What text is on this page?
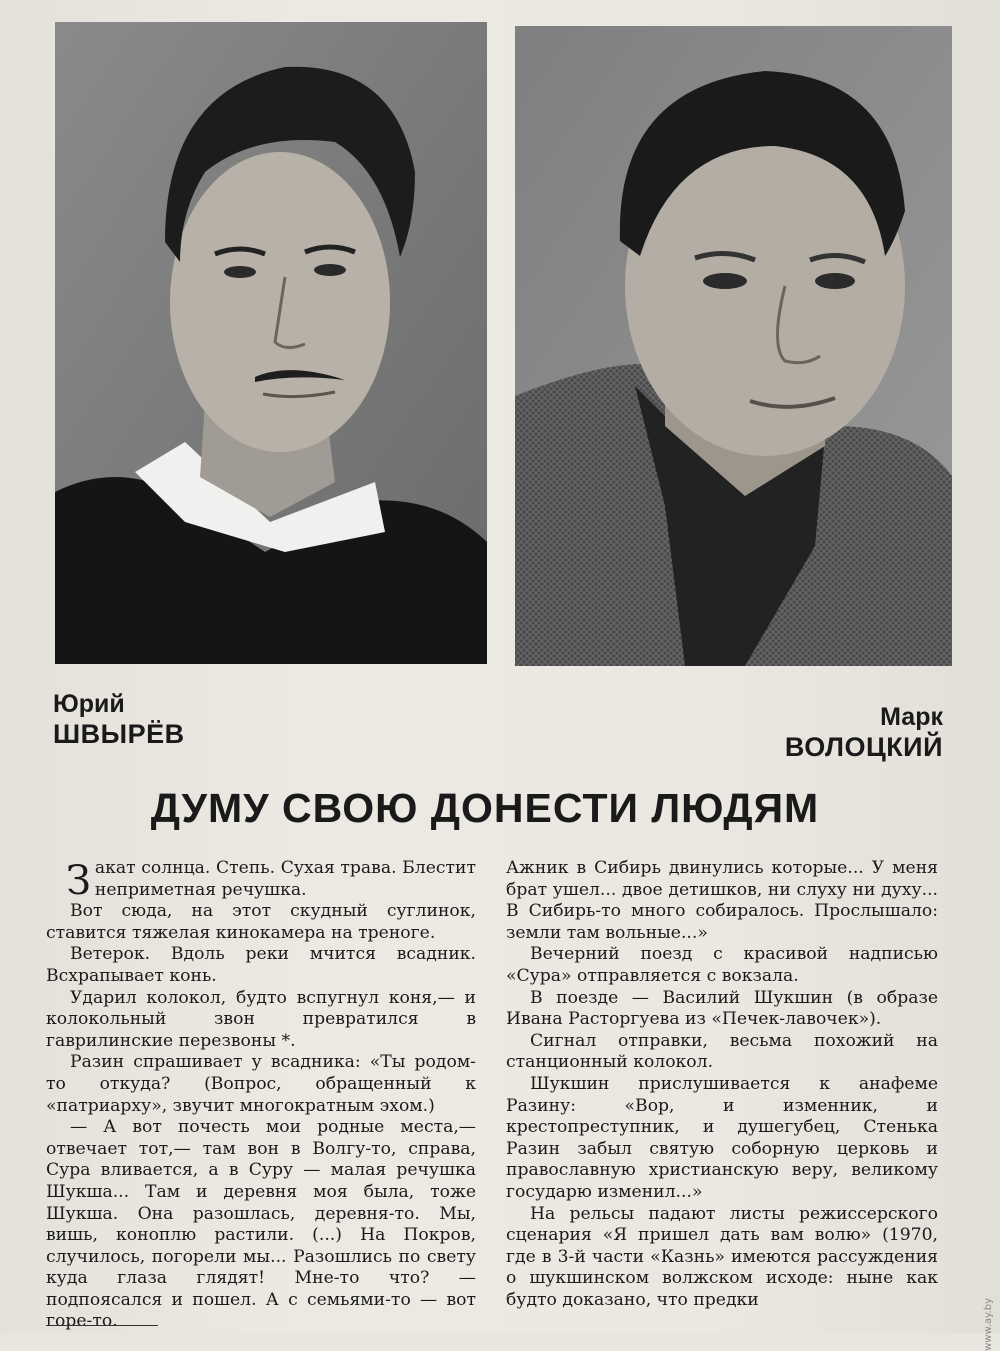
Юрий
ШВЫРЁВ
Марк
ВОЛОЦКИЙ
ДУМУ СВОЮ ДОНЕСТИ ЛЮДЯМ

Закат солнца. Степь. Сухая трава. Блестит неприметная речушка.

Вот сюда, на этот скудный суглинок, ставится тяжелая кинокамера на треноге.

Ветерок. Вдоль реки мчится всадник. Всхрапывает конь.

Ударил колокол, будто вспугнул коня,— и колокольный звон превратился в гаврилинские перезвоны *.

Разин спрашивает у всадника: «Ты родом-то откуда? (Вопрос, обращенный к «патриарху», звучит многократным эхом.)

— А вот почесть мои родные места,— отвечает тот,— там вон в Волгу-то, справа, Сура вливается, а в Суру — малая речушка Шукша... Там и деревня моя была, тоже Шукша. Она разошлась, деревня-то. Мы, вишь, коноплю растили. (...) На Покров, случилось, погорели мы... Разошлись по свету куда глаза глядят! Мне-то что? — подпоясался и пошел. А с семьями-то — вот горе-то.

Ажник в Сибирь двинулись которые... У меня брат ушел... двое детишков, ни слуху ни духу... В Сибирь-то много собиралось. Прослышало: земли там вольные...»

Вечерний поезд с красивой надписью «Сура» отправляется с вокзала.

В поезде — Василий Шукшин (в образе Ивана Расторгуева из «Печек-лавочек»).

Сигнал отправки, весьма похожий на станционный колокол.

Шукшин прислушивается к анафеме Разину: «Вор, и изменник, и крестопреступник, и душегубец, Стенька Разин забыл святую соборную церковь и православную христианскую веру, великому государю изменил...»

На рельсы падают листы режиссерского сценария «Я пришел дать вам волю» (1970, где в 3-й части «Казнь» имеются рассуждения о шукшинском волжском исходе: ныне как будто доказано, что предки	www.ay.by
